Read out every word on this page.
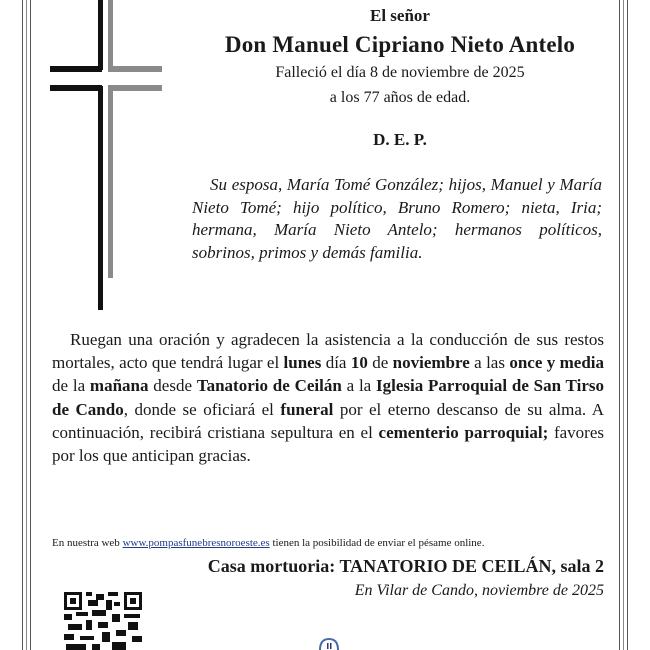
El señor
Don Manuel Cipriano Nieto Antelo
Falleció el día 8 de noviembre de 2025
a los 77 años de edad.
D. E. P.
Su esposa, María Tomé González; hijos, Manuel y María Nieto Tomé; hijo político, Bruno Romero; nieta, Iria; hermana, María Nieto Antelo; hermanos políticos, sobrinos, primos y demás familia.
Ruegan una oración y agradecen la asistencia a la conducción de sus restos mortales, acto que tendrá lugar el lunes día 10 de noviembre a las once y media de la mañana desde Tanatorio de Ceilán a la Iglesia Parroquial de San Tirso de Cando, donde se oficiará el funeral por el eterno descanso de su alma. A continuación, recibirá cristiana sepultura en el cementerio parroquial; favores por los que anticipan gracias.
En nuestra web www.pompasfunebresnoroeste.es tienen la posibilidad de enviar el pésame online.
Casa mortuoria: TANATORIO DE CEILÁN, sala 2
En Vilar de Cando, noviembre de 2025
